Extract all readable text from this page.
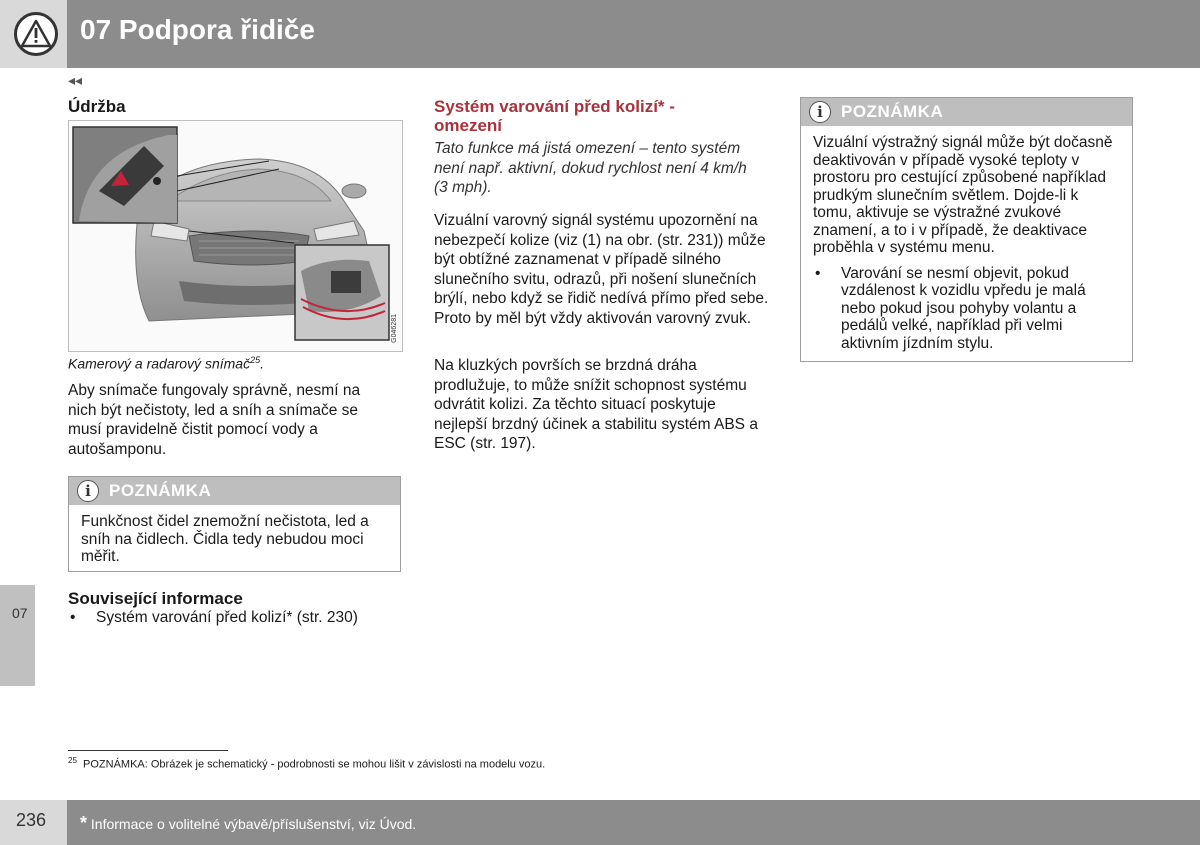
07 Podpora řidiče
◂◂
07
Údržba
G046281
Kamerový a radarový snímač$^{25}$.

Aby snímače fungovaly správně, nesmí na nich být nečistoty, led a sníh a snímače se musí pravidelně čistit pomocí vody a autošamponu.

i	POZNÁMKA
Funkčnost čidel znemožní nečistota, led a sníh na čidlech. Čidla tedy nebudou moci měřit.
Související informace
• Systém varování před kolizí* (str. 230)
Systém varování před kolizí* - omezení

Tato funkce má jistá omezení – tento systém není např. aktivní, dokud rychlost není 4 km/h (3 mph).

Vizuální varovný signál systému upozornění na nebezpečí kolize (viz (1) na obr. (str. 231)) může být obtížné zaznamenat v případě silného slunečního svitu, odrazů, při nošení slunečních brýlí, nebo když se řidič nedívá přímo před sebe. Proto by měl být vždy aktivován varovný zvuk.

Na kluzkých površích se brzdná dráha prodlužuje, to může snížit schopnost systému odvrátit kolizi. Za těchto situací poskytuje nejlepší brzdný účinek a stabilitu systém ABS a ESC (str. 197).

i	POZNÁMKA

Vizuální výstražný signál může být dočasně deaktivován v případě vysoké teploty v prostoru pro cestující způsobené například prudkým slunečním světlem. Dojde-li k tomu, aktivuje se výstražné zvukové znamení, a to i v případě, že deaktivace proběhla v systému menu.

• Varování se nesmí objevit, pokud vzdálenost k vozidlu vpředu je malá nebo pokud jsou pohyby volantu a pedálů velké, například při velmi aktivním jízdním stylu.
$^{25}$ POZNÁMKA: Obrázek je schematický - podrobnosti se mohou lišit v závislosti na modelu vozu.
236 * Informace o volitelné výbavě/příslušenství, viz Úvod.
